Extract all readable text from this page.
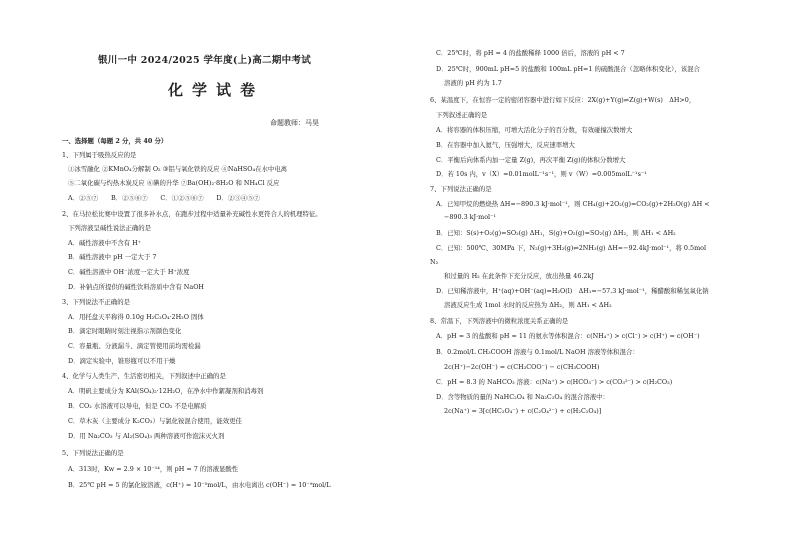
银川一中 2024/2025 学年度(上)高二期中考试
化学试卷
命题教师：马昊
一、选择题（每题 2 分，共 40 分）
1、下列属于吸热反应的是
①冰雪融化 ②KMnO₄分解制 O₂ ③铝与氧化铁的反应 ④NaHSO₄在水中电离
⑤二氧化碳与灼热木炭反应 ⑥碘的升华 ⑦Ba(OH)₂·8H₂O 和 NH₄Cl 反应
A．②⑤⑦　　B．②⑤⑥⑦　　C．①②⑤⑥⑦　　D．②③④⑤⑦
2、在马拉松比赛中设置了很多补水点，在跑步过程中适量补充碱性水更符合人的机理特征。
下列溶液呈碱性说法正确的是
A．碱性溶液中不含有 H⁺
B．碱性溶液中 pH 一定大于 7
C．碱性溶液中 OH⁻浓度一定大于 H⁺浓度
D．补钠点所提供的碱性饮料溶质中含有 NaOH
3、下列说法不正确的是
A．用托盘天平称得 0.10g H₂C₂O₄·2H₂O 固体
B．滴定时眼睛时刻注视指示剂颜色变化
C．容量瓶、分液漏斗、滴定管使用前均需检漏
D．滴定实验中，锥形瓶可以不用干燥
4、化学与人类生产、生活密切相关，下列叙述中正确的是
A．明矾主要成分为 KAl(SO₄)₂·12H₂O，在净水中作絮凝剂和消毒剂
B．CO₂ 水溶液可以导电，但是 CO₂ 不是电解质
C．草木灰（主要成分 K₂CO₃）与氯化铵混合使用，能效更佳
D．用 Na₂CO₃ 与 Al₂(SO₄)₃ 两种溶液可作泡沫灭火剂
5、下列说法正确的是
A．313时，Kw = 2.9 × 10⁻¹⁴，则 pH = 7 的溶液显酸性
B．25℃ pH = 5 的氯化铵溶液，c(H⁺) = 10⁻⁵mol/L，由水电离出 c(OH⁻) = 10⁻⁹mol/L
C．25℃时，将 pH = 4 的盐酸稀释 1000 倍后，溶液的 pH < 7
D．25℃时，900mL pH=5 的盐酸和 100mL pH=1 的硫酸混合（忽略体积变化），该混合
溶液的 pH 约为 1.7
6、某温度下，在恒容一定的密闭容器中进行如下反应：2X(g)+Y(g)⇌Z(g)+W(s)　ΔH>0，
下列叙述正确的是
A．将容器的体积压缩，可增大活化分子的百分数，有效碰撞次数增大
B．在容器中加入氦气，压强增大，反应速率增大
C．平衡后向体系内加一定量 Z(g)，再次平衡 Z(g)的体积分数增大
D．若 10s 内，v（X）=0.01molL⁻¹s⁻¹，则 v（W）=0.005molL⁻¹s⁻¹
7、下列说法正确的是
A．已知甲烷的燃烧热 ΔH=−890.3 kJ·mol⁻¹，则 CH₄(g)+2O₂(g)=CO₂(g)+2H₂O(g) ΔH <
−890.3 kJ·mol⁻¹
B．已知：S(s)+O₂(g)=SO₂(g) ΔH₁，S(g)+O₂(g)=SO₂(g) ΔH₂，则 ΔH₁ < ΔH₂
C．已知：500℃、30MPa 下，N₂(g)+3H₂(g)⇌2NH₃(g) ΔH=−92.4kJ·mol⁻¹，将 0.5mol
N₂
和过量的 H₂ 在此条件下充分反应，放出热量 46.2kJ
D．已知稀溶液中，H⁺(aq)+OH⁻(aq)=H₂O(l)　ΔH₁=−57.3 kJ·mol⁻¹，稀醋酸和稀氢氧化钠
溶液反应生成 1mol 水时的反应热为 ΔH₂，则 ΔH₁ < ΔH₂
8、常温下，下列溶液中的微粒浓度关系正确的是
A．pH = 3 的盐酸和 pH = 11 的氨水等体积混合：c(NH₄⁺) > c(Cl⁻) > c(H⁺) = c(OH⁻)
B．0.2mol/L CH₃COOH 溶液与 0.1mol/L NaOH 溶液等体积混合：
2c(H⁺)−2c(OH⁻) = c(CH₃COO⁻) − c(CH₃COOH)
C．pH = 8.3 的 NaHCO₃ 溶液：c(Na⁺) > c(HCO₃⁻) > c(CO₃²⁻) > c(H₂CO₃)
D．含等物质的量的 NaHC₂O₄ 和 Na₂C₂O₄ 的混合溶液中：
2c(Na⁺) = 3[c(HC₂O₄⁻) + c(C₂O₄²⁻) + c(H₂C₂O₄)]
